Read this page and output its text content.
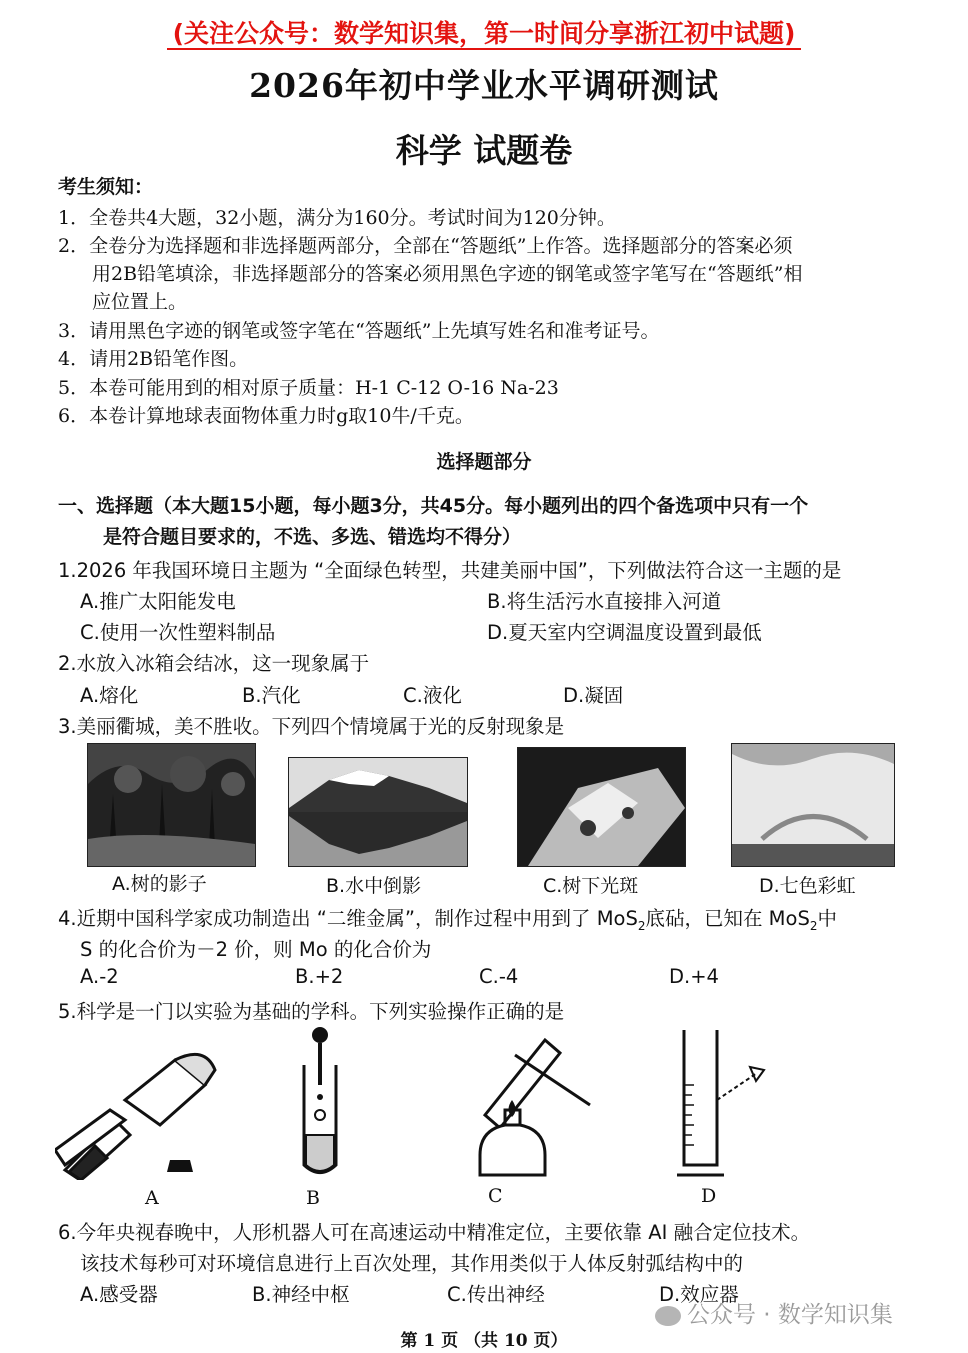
(关注公众号：数学知识集，第一时间分享浙江初中试题)
2026年初中学业水平调研测试
科学 试题卷
考生须知：
1．全卷共4大题，32小题，满分为160分。考试时间为120分钟。
2．全卷分为选择题和非选择题两部分，全部在“答题纸”上作答。选择题部分的答案必须
用2B铅笔填涂，非选择题部分的答案必须用黑色字迹的钢笔或签字笔写在“答题纸”相
应位置上。
3．请用黑色字迹的钢笔或签字笔在“答题纸”上先填写姓名和准考证号。
4．请用2B铅笔作图。
5．本卷可能用到的相对原子质量：H-1 C-12 O-16 Na-23
6．本卷计算地球表面物体重力时g取10牛/千克。
选择题部分
一、选择题（本大题15小题，每小题3分，共45分。每小题列出的四个备选项中只有一个
是符合题目要求的，不选、多选、错选均不得分）
1.2026 年我国环境日主题为 “全面绿色转型，共建美丽中国”，下列做法符合这一主题的是
A.推广太阳能发电	B.将生活污水直接排入河道
C.使用一次性塑料制品	D.夏天室内空调温度设置到最低
2.水放入冰箱会结冰，这一现象属于
A.熔化	B.汽化	C.液化	D.凝固
3.美丽衢城，美不胜收。下列四个情境属于光的反射现象是
A.树的影子	B.水中倒影	C.树下光斑	D.七色彩虹
4.近期中国科学家成功制造出 “二维金属”，制作过程中用到了 MoS$_2$底砧，已知在 MoS$_2$中
S 的化合价为－2 价，则 Mo 的化合价为
A.-2	B.+2	C.-4	D.+4
5.科学是一门以实验为基础的学科。下列实验操作正确的是
A	B	C	D
6.今年央视春晚中，人形机器人可在高速运动中精准定位，主要依靠 AI 融合定位技术。
该技术每秒可对环境信息进行上百次处理，其作用类似于人体反射弧结构中的
A.感受器	B.神经中枢	C.传出神经	D.效应器
公众号 · 数学知识集
第 1 页 （共 10 页）
